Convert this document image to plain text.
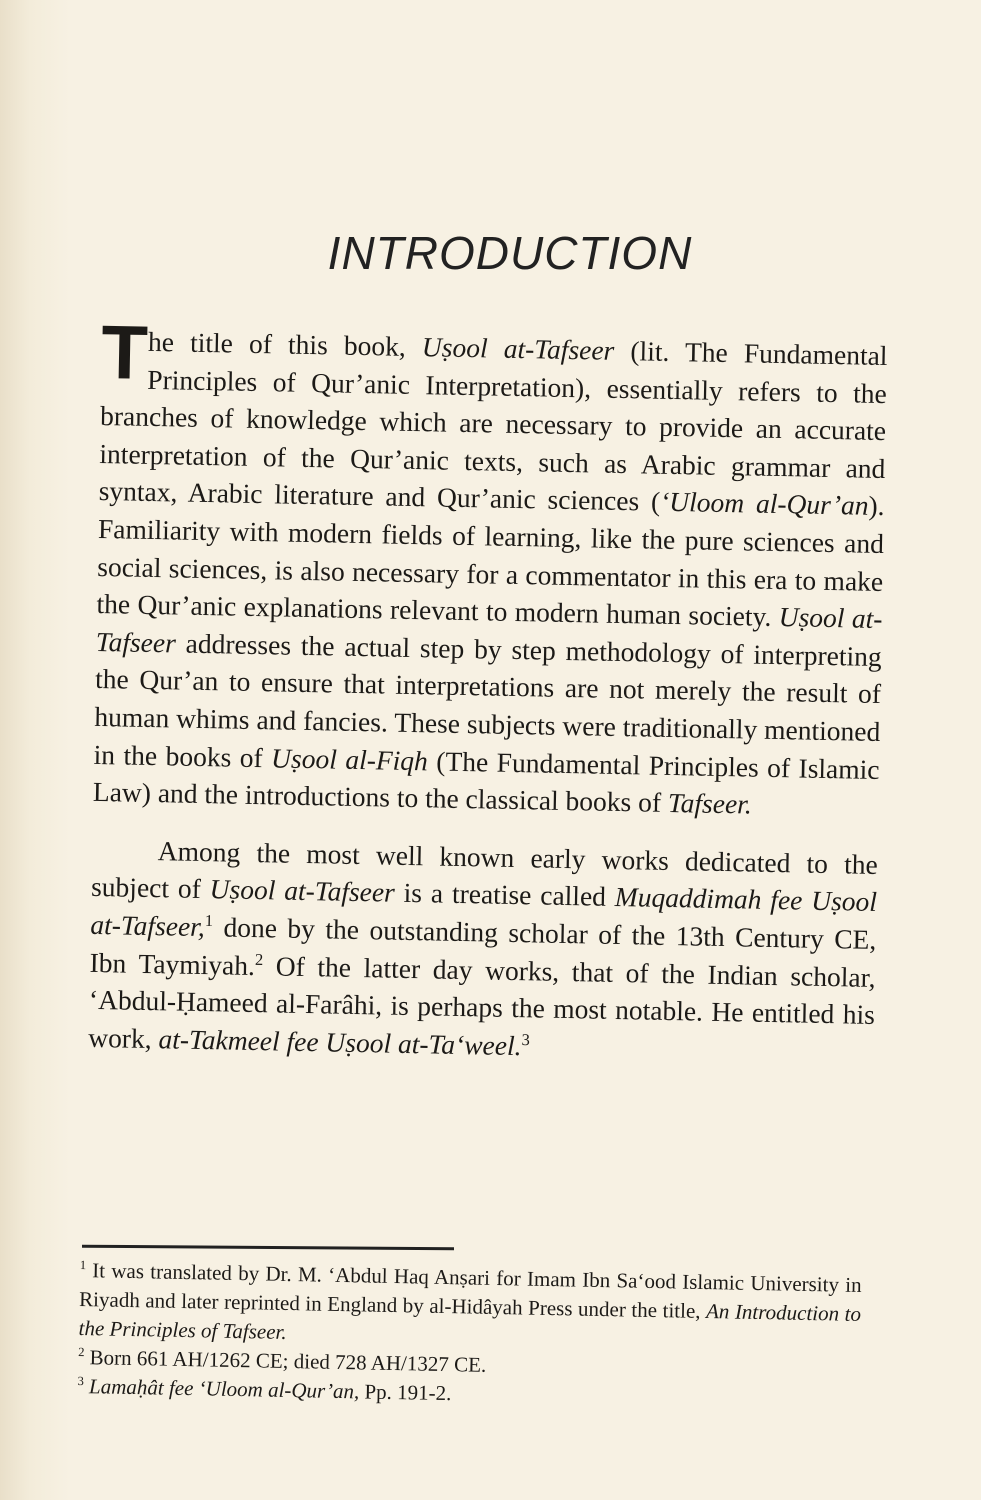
INTRODUCTION

The title of this book, Uṣool at-Tafseer (lit. The Fundamental Principles of Qur’anic Interpretation), essentially refers to the branches of knowledge which are necessary to provide an accurate interpretation of the Qur’anic texts, such as Arabic grammar and syntax, Arabic literature and Qur’anic sciences (‘Uloom al-Qur’an). Familiarity with modern fields of learning, like the pure sciences and social sciences, is also necessary for a commentator in this era to make the Qur’anic explanations relevant to modern human society. Uṣool at-Tafseer addresses the actual step by step methodology of interpreting the Qur’an to ensure that interpretations are not merely the result of human whims and fancies. These subjects were traditionally mentioned in the books of Uṣool al-Fiqh (The Fundamental Principles of Islamic Law) and the introductions to the classical books of Tafseer.

Among the most well known early works dedicated to the subject of Uṣool at-Tafseer is a treatise called Muqaddimah fee Uṣool at-Tafseer,$^1$ done by the outstanding scholar of the 13th Century CE, Ibn Taymiyah.$^2$ Of the latter day works, that of the Indian scholar, ‘Abdul-Ḥameed al-Farâhi, is perhaps the most notable. He entitled his work, at-Takmeel fee Uṣool at-Ta‘weel.$^3$

$^1$ It was translated by Dr. M. ‘Abdul Haq Anṣari for Imam Ibn Sa‘ood Islamic University in Riyadh and later reprinted in England by al-Hidâyah Press under the title, An Introduction to the Principles of Tafseer.
$^2$ Born 661 AH/1262 CE; died 728 AH/1327 CE.
$^3$ Lamaḥât fee ‘Uloom al-Qur’an, Pp. 191-2.
